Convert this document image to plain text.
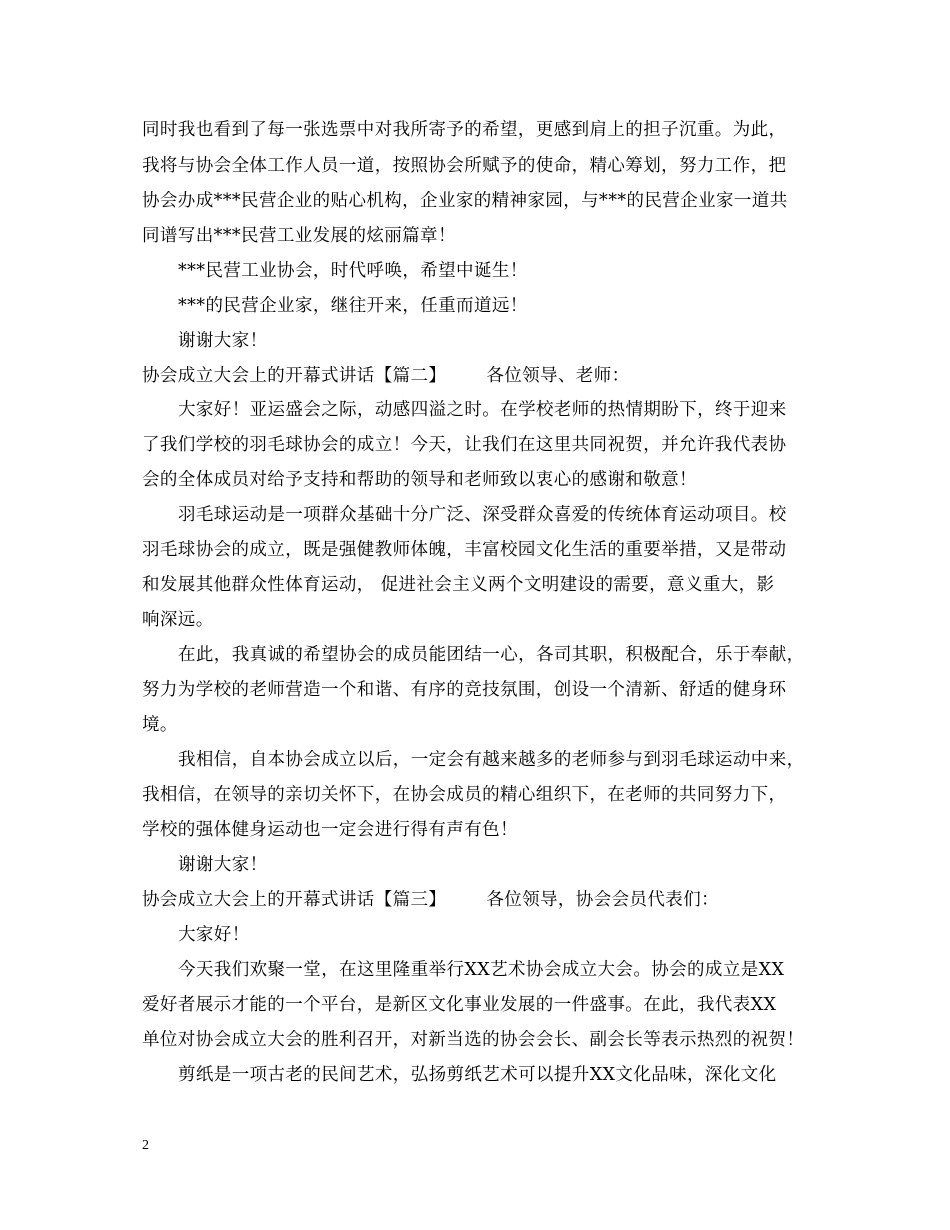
同时我也看到了每一张选票中对我所寄予的希望，更感到肩上的担子沉重。为此，
我将与协会全体工作人员一道，按照协会所赋予的使命，精心筹划，努力工作，把
协会办成***民营企业的贴心机构，企业家的精神家园，与***的民营企业家一道共
同谱写出***民营工业发展的炫丽篇章！
***民营工业协会，时代呼唤，希望中诞生！
***的民营企业家，继往开来，任重而道远！
谢谢大家！
协会成立大会上的开幕式讲话【篇二】 各位领导、老师：
大家好！亚运盛会之际，动感四溢之时。在学校老师的热情期盼下，终于迎来
了我们学校的羽毛球协会的成立！今天，让我们在这里共同祝贺，并允许我代表协
会的全体成员对给予支持和帮助的领导和老师致以衷心的感谢和敬意！
羽毛球运动是一项群众基础十分广泛、深受群众喜爱的传统体育运动项目。校
羽毛球协会的成立，既是强健教师体魄，丰富校园文化生活的重要举措，又是带动
和发展其他群众性体育运动， 促进社会主义两个文明建设的需要，意义重大，影
响深远。
在此，我真诚的希望协会的成员能团结一心，各司其职，积极配合，乐于奉献，
努力为学校的老师营造一个和谐、有序的竞技氛围，创设一个清新、舒适的健身环
境。
我相信，自本协会成立以后，一定会有越来越多的老师参与到羽毛球运动中来，
我相信，在领导的亲切关怀下，在协会成员的精心组织下，在老师的共同努力下，
学校的强体健身运动也一定会进行得有声有色！
谢谢大家！
协会成立大会上的开幕式讲话【篇三】 各位领导，协会会员代表们：
大家好！
今天我们欢聚一堂，在这里隆重举行XX艺术协会成立大会。协会的成立是XX
爱好者展示才能的一个平台，是新区文化事业发展的一件盛事。在此，我代表XX
单位对协会成立大会的胜利召开，对新当选的协会会长、副会长等表示热烈的祝贺！
剪纸是一项古老的民间艺术，弘扬剪纸艺术可以提升XX文化品味，深化文化
2
